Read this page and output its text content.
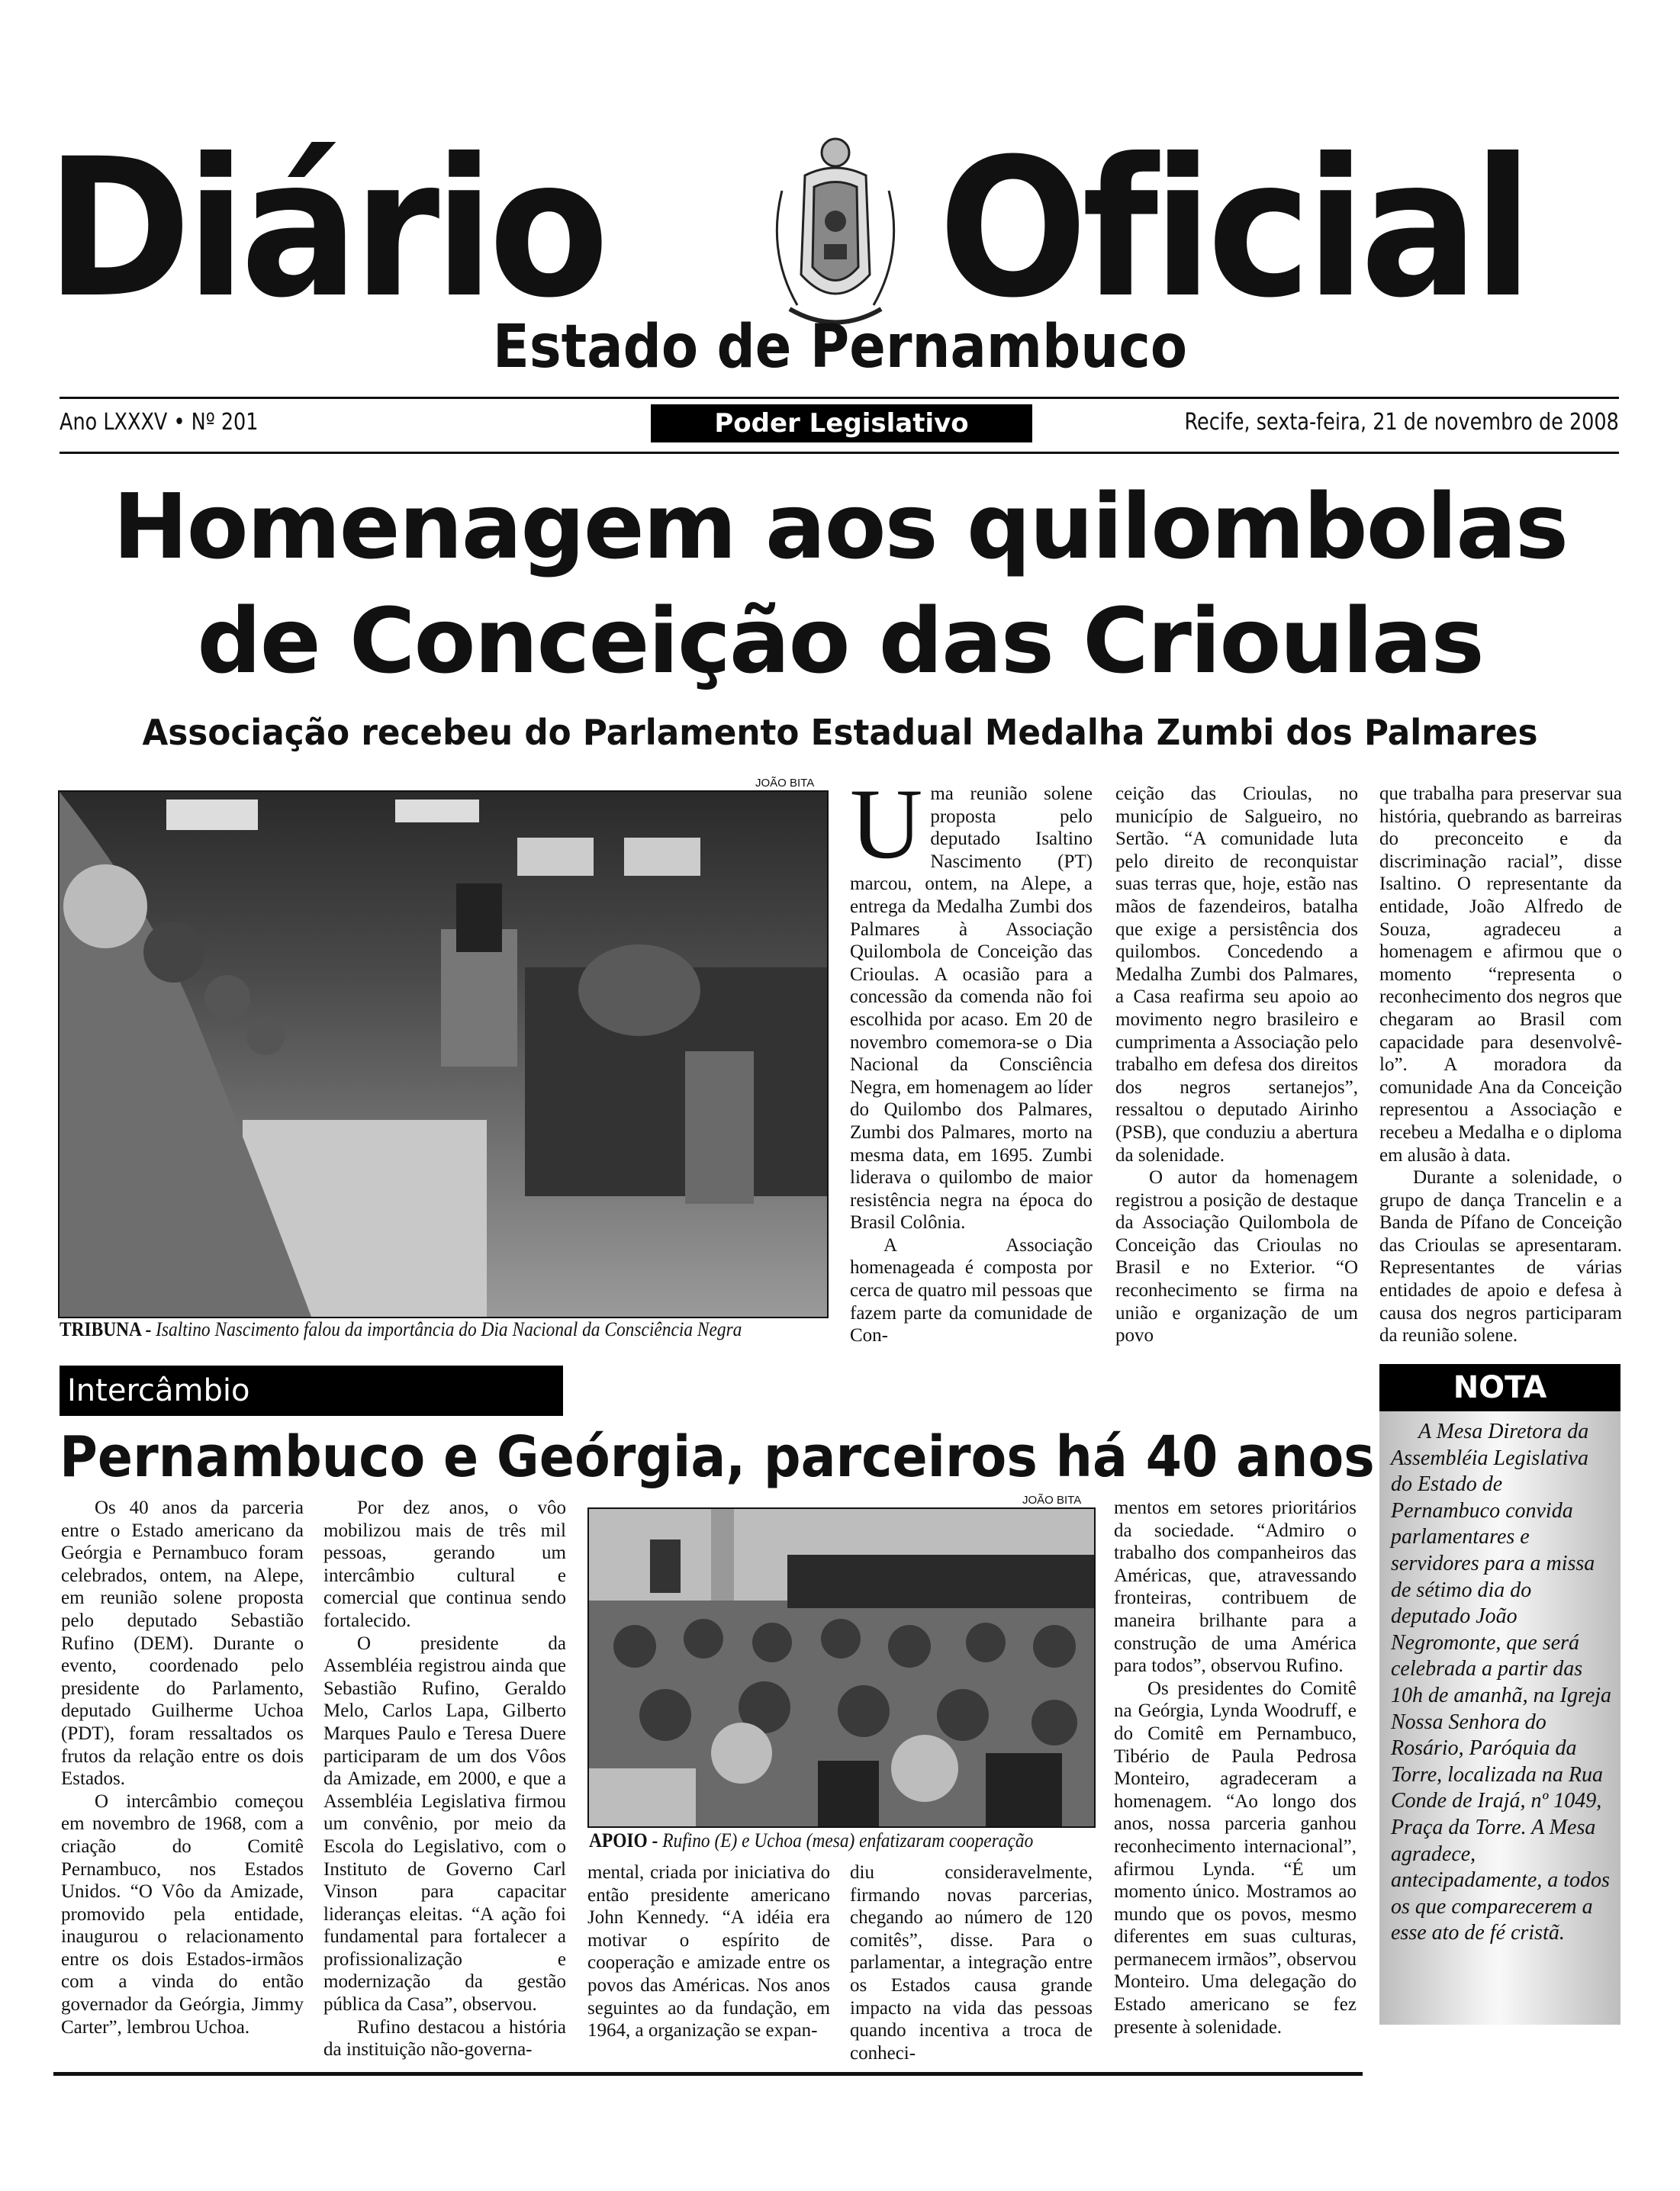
Diário Oficial
Estado de Pernambuco
Ano LXXXV • Nº 201	Poder Legislativo	Recife, sexta-feira, 21 de novembro de 2008
Homenagem aos quilombolas
de Conceição das Crioulas
Associação recebeu do Parlamento Estadual Medalha Zumbi dos Palmares
JOÃO BITA
TRIBUNA - Isaltino Nascimento falou da importância do Dia Nacional da Consciência Negra
U ma reunião solene proposta pelo deputado Isaltino Nascimento (PT) marcou, ontem, na Alepe, a entrega da Medalha Zumbi dos Palmares à Associação Quilombola de Conceição das Crioulas. A ocasião para a concessão da comenda não foi escolhida por acaso. Em 20 de novembro comemora-se o Dia Nacional da Consciência Negra, em homenagem ao líder do Quilombo dos Palmares, Zumbi dos Palmares, morto na mesma data, em 1695. Zumbi liderava o quilombo de maior resistência negra na época do Brasil Colônia.

A Associação homenageada é composta por cerca de quatro mil pessoas que fazem parte da comunidade de Con-

ceição das Crioulas, no município de Salgueiro, no Sertão. “A comunidade luta pelo direito de reconquistar suas terras que, hoje, estão nas mãos de fazendeiros, batalha que exige a persistência dos quilombos. Concedendo a Medalha Zumbi dos Palmares, a Casa reafirma seu apoio ao movimento negro brasileiro e cumprimenta a Associação pelo trabalho em defesa dos direitos dos negros sertanejos”, ressaltou o deputado Airinho (PSB), que conduziu a abertura da solenidade.

O autor da homenagem registrou a posição de destaque da Associação Quilombola de Conceição das Crioulas no Brasil e no Exterior. “O reconhecimento se firma na união e organização de um povo

que trabalha para preservar sua história, quebrando as barreiras do preconceito e da discriminação racial”, disse Isaltino. O representante da entidade, João Alfredo de Souza, agradeceu a homenagem e afirmou que o momento “representa o reconhecimento dos negros que chegaram ao Brasil com capacidade para desenvolvê-lo”. A moradora da comunidade Ana da Conceição representou a Associação e recebeu a Medalha e o diploma em alusão à data.

Durante a solenidade, o grupo de dança Trancelin e a Banda de Pífano de Conceição das Crioulas se apresentaram. Representantes de várias entidades de apoio e defesa à causa dos negros participaram da reunião solene.

Intercâmbio
Pernambuco e Geórgia, parceiros há 40 anos

Os 40 anos da parceria entre o Estado americano da Geórgia e Pernambuco foram celebrados, ontem, na Alepe, em reunião solene proposta pelo deputado Sebastião Rufino (DEM). Durante o evento, coordenado pelo presidente do Parlamento, deputado Guilherme Uchoa (PDT), foram ressaltados os frutos da relação entre os dois Estados.

O intercâmbio começou em novembro de 1968, com a criação do Comitê Pernambuco, nos Estados Unidos. “O Vôo da Amizade, promovido pela entidade, inaugurou o relacionamento entre os dois Estados-irmãos com a vinda do então governador da Geórgia, Jimmy Carter”, lembrou Uchoa.

Por dez anos, o vôo mobilizou mais de três mil pessoas, gerando um intercâmbio cultural e comercial que continua sendo fortalecido.

O presidente da Assembléia registrou ainda que Sebastião Rufino, Geraldo Melo, Carlos Lapa, Gilberto Marques Paulo e Teresa Duere participaram de um dos Vôos da Amizade, em 2000, e que a Assembléia Legislativa firmou um convênio, por meio da Escola do Legislativo, com o Instituto de Governo Carl Vinson para capacitar lideranças eleitas. “A ação foi fundamental para fortalecer a profissionalização e modernização da gestão pública da Casa”, observou.

Rufino destacou a história da instituição não-governa-

JOÃO BITA
APOIO - Rufino (E) e Uchoa (mesa) enfatizaram cooperação

mental, criada por iniciativa do então presidente americano John Kennedy. “A idéia era motivar o espírito de cooperação e amizade entre os povos das Américas. Nos anos seguintes ao da fundação, em 1964, a organização se expan-

diu consideravelmente, firmando novas parcerias, chegando ao número de 120 comitês”, disse. Para o parlamentar, a integração entre os Estados causa grande impacto na vida das pessoas quando incentiva a troca de conheci-

mentos em setores prioritários da sociedade. “Admiro o trabalho dos companheiros das Américas, que, atravessando fronteiras, contribuem de maneira brilhante para a construção de uma América para todos”, observou Rufino.

Os presidentes do Comitê na Geórgia, Lynda Woodruff, e do Comitê em Pernambuco, Tibério de Paula Pedrosa Monteiro, agradeceram a homenagem. “Ao longo dos anos, nossa parceria ganhou reconhecimento internacional”, afirmou Lynda. “É um momento único. Mostramos ao mundo que os povos, mesmo diferentes em suas culturas, permanecem irmãos”, observou Monteiro. Uma delegação do Estado americano se fez presente à solenidade.

NOTA

A Mesa Diretora da Assembléia Legislativa do Estado de Pernambuco convida parlamentares e servidores para a missa de sétimo dia do deputado João Negromonte, que será celebrada a partir das 10h de amanhã, na Igreja Nossa Senhora do Rosário, Paróquia da Torre, localizada na Rua Conde de Irajá, nº 1049, Praça da Torre. A Mesa agradece, antecipadamente, a todos os que comparecerem a esse ato de fé cristã.
